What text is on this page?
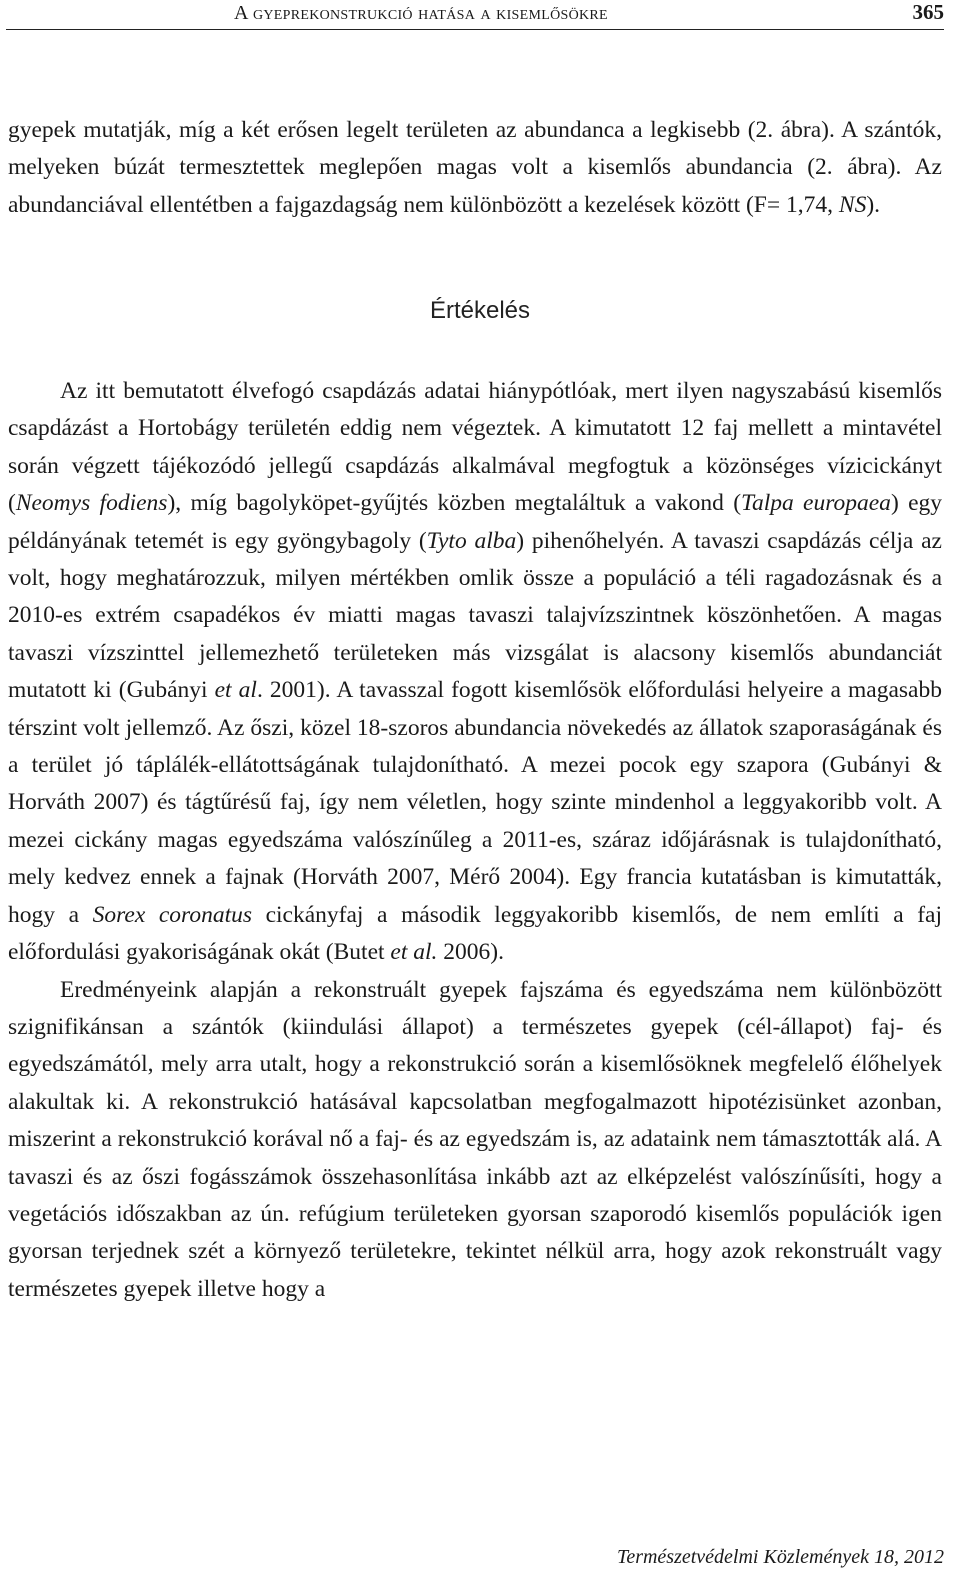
A gyeprekonstrukció hatása a kisemlősökre	365

gyepek mutatják, míg a két erősen legelt területen az abundanca a legkisebb (2. ábra). A szántók, melyeken búzát termesztettek meglepően magas volt a kisemlős abundancia (2. ábra). Az abundanciával ellentétben a fajgazdagság nem különbözött a kezelések között (F= 1,74, NS).

Értékelés

Az itt bemutatott élvefogó csapdázás adatai hiánypótlóak, mert ilyen nagyszabású kisemlős csapdázást a Hortobágy területén eddig nem végeztek. A kimutatott 12 faj mellett a mintavétel során végzett tájékozódó jellegű csapdázás alkalmával megfogtuk a közönséges vízicickányt (Neomys fodiens), míg bagolyköpet-gyűjtés közben megtaláltuk a vakond (Talpa europaea) egy példányának tetemét is egy gyöngybagoly (Tyto alba) pihenőhelyén. A tavaszi csapdázás célja az volt, hogy meghatározzuk, milyen mértékben omlik össze a populáció a téli ragadozásnak és a 2010-es extrém csapadékos év miatti magas tavaszi talajvízszintnek köszönhetően. A magas tavaszi vízszinttel jellemezhető területeken más vizsgálat is alacsony kisemlős abundanciát mutatott ki (Gubányi et al. 2001). A tavasszal fogott kisemlősök előfordulási helyeire a magasabb térszint volt jellemző. Az őszi, közel 18-szoros abundancia növekedés az állatok szaporaságának és a terület jó táplálék-ellátottságának tulajdonítható. A mezei pocok egy szapora (Gubányi & Horváth 2007) és tágtűrésű faj, így nem véletlen, hogy szinte mindenhol a leggyakoribb volt. A mezei cickány magas egyedszáma valószínűleg a 2011-es, száraz időjárásnak is tulajdonítható, mely kedvez ennek a fajnak (Horváth 2007, Mérő 2004). Egy francia kutatásban is kimutatták, hogy a Sorex coronatus cickányfaj a második leggyakoribb kisemlős, de nem említi a faj előfordulási gyakoriságának okát (Butet et al. 2006).

Eredményeink alapján a rekonstruált gyepek fajszáma és egyedszáma nem különbözött szignifikánsan a szántók (kiindulási állapot) a természetes gyepek (cél-állapot) faj- és egyedszámától, mely arra utalt, hogy a rekonstrukció során a kisemlősöknek megfelelő élőhelyek alakultak ki. A rekonstrukció hatásával kapcsolatban megfogalmazott hipotézisünket azonban, miszerint a rekonstrukció korával nő a faj- és az egyedszám is, az adataink nem támasztották alá. A tavaszi és az őszi fogásszámok összehasonlítása inkább azt az elképzelést valószínűsíti, hogy a vegetációs időszakban az ún. refúgium területeken gyorsan szaporodó kisemlős populációk igen gyorsan terjednek szét a környező területekre, tekintet nélkül arra, hogy azok rekonstruált vagy természetes gyepek illetve hogy a

Természetvédelmi Közlemények 18, 2012
